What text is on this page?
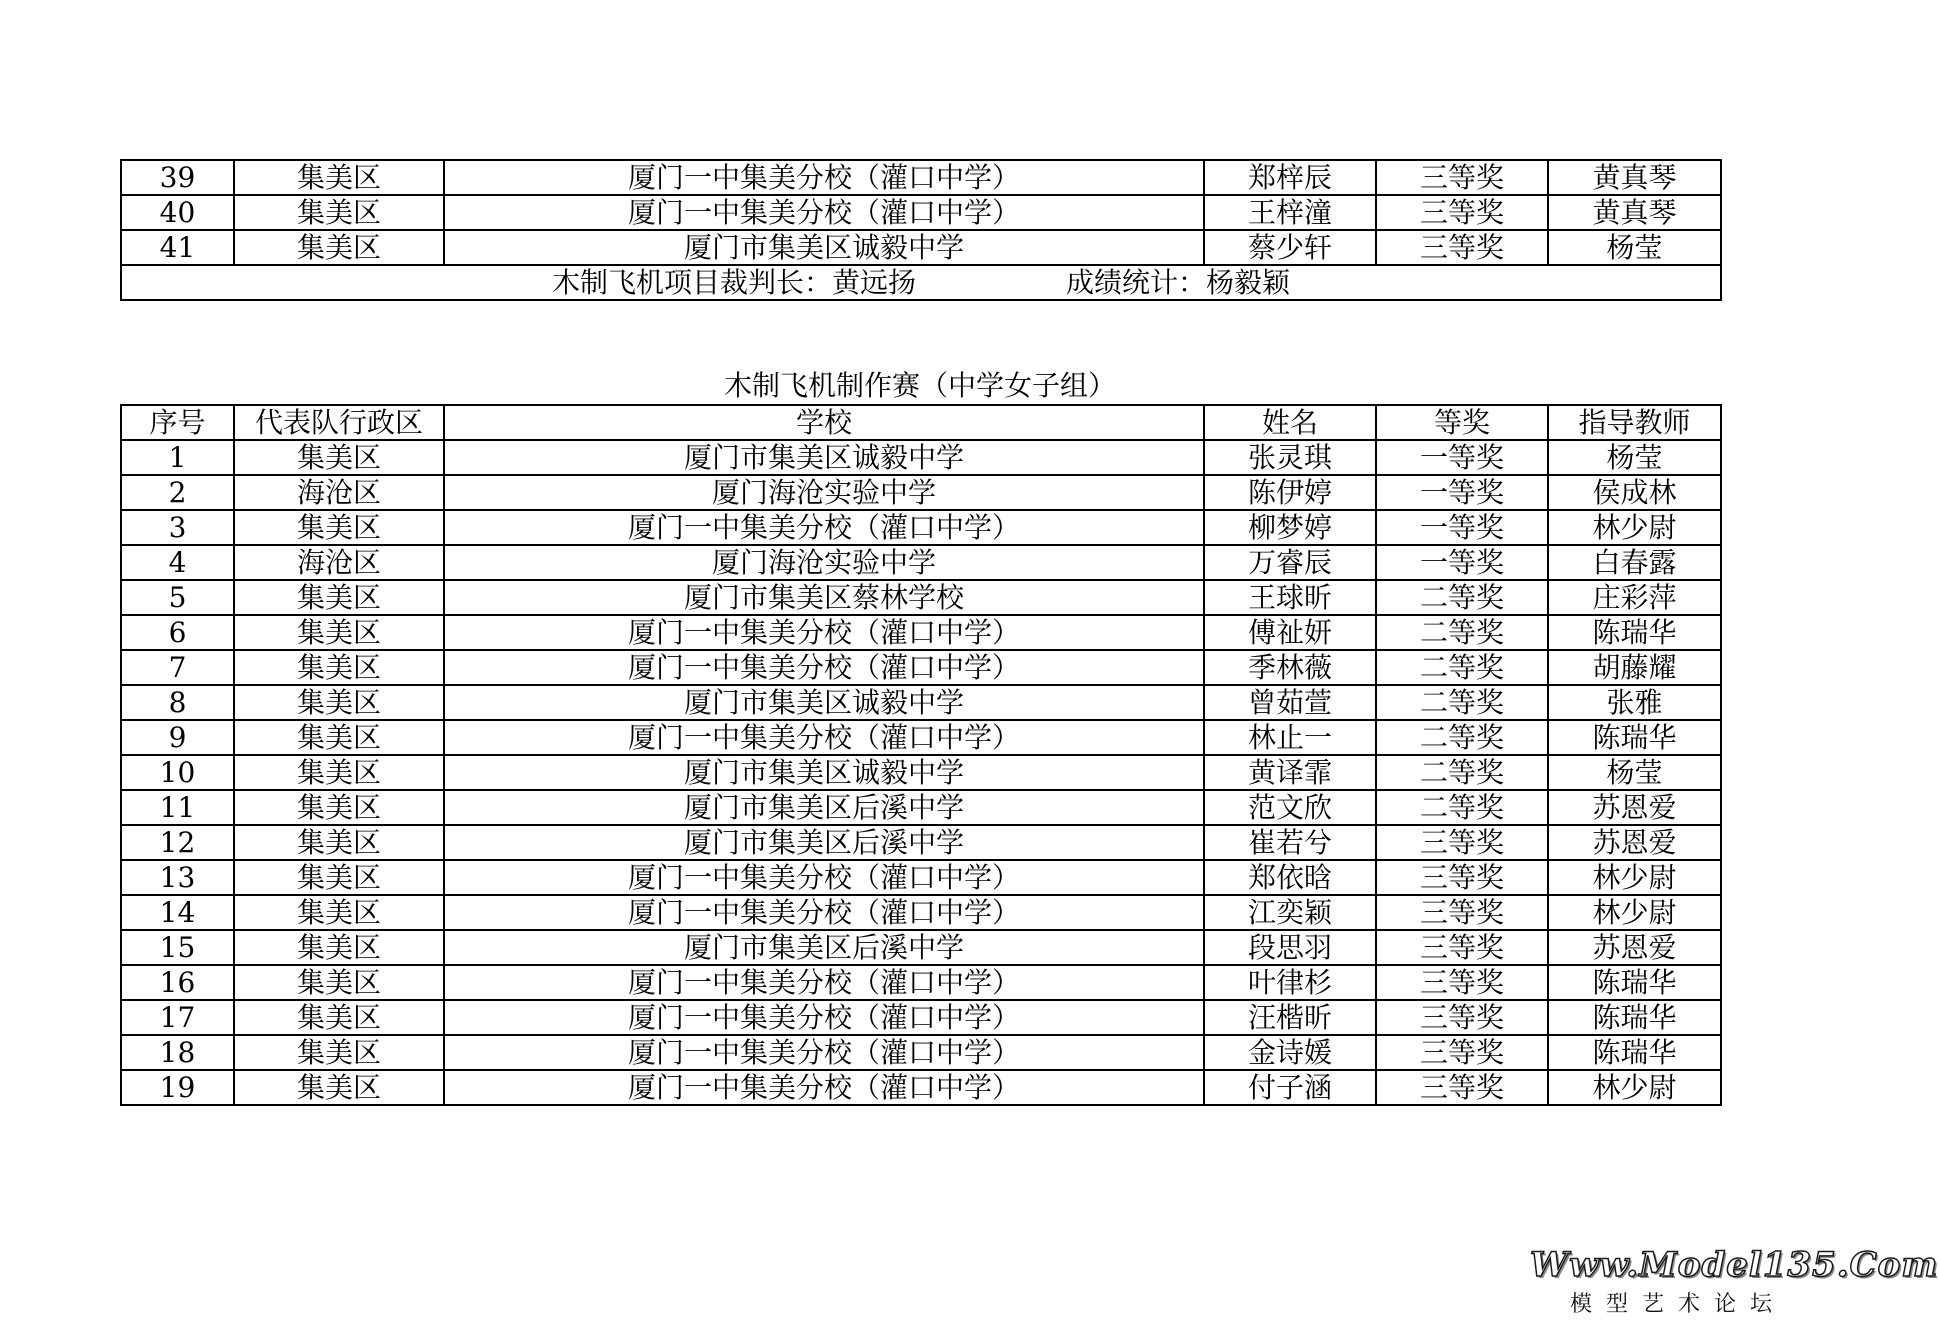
39	集美区	厦门一中集美分校（灌口中学）	郑梓辰	三等奖	黄真琴
40	集美区	厦门一中集美分校（灌口中学）	王梓潼	三等奖	黄真琴
41	集美区	厦门市集美区诚毅中学	蔡少轩	三等奖	杨莹
木制飞机项目裁判长：黄远扬 成绩统计：杨毅颖					
木制飞机制作赛（中学女子组）
序号	代表队行政区	学校	姓名	等奖	指导教师
1	集美区	厦门市集美区诚毅中学	张灵琪	一等奖	杨莹
2	海沧区	厦门海沧实验中学	陈伊婷	一等奖	侯成林
3	集美区	厦门一中集美分校（灌口中学）	柳梦婷	一等奖	林少尉
4	海沧区	厦门海沧实验中学	万睿辰	一等奖	白春露
5	集美区	厦门市集美区蔡林学校	王球昕	二等奖	庄彩萍
6	集美区	厦门一中集美分校（灌口中学）	傅祉妍	二等奖	陈瑞华
7	集美区	厦门一中集美分校（灌口中学）	季林薇	二等奖	胡藤耀
8	集美区	厦门市集美区诚毅中学	曾茹萱	二等奖	张雅
9	集美区	厦门一中集美分校（灌口中学）	林止一	二等奖	陈瑞华
10	集美区	厦门市集美区诚毅中学	黄译霏	二等奖	杨莹
11	集美区	厦门市集美区后溪中学	范文欣	二等奖	苏恩爱
12	集美区	厦门市集美区后溪中学	崔若兮	三等奖	苏恩爱
13	集美区	厦门一中集美分校（灌口中学）	郑依晗	三等奖	林少尉
14	集美区	厦门一中集美分校（灌口中学）	江奕颖	三等奖	林少尉
15	集美区	厦门市集美区后溪中学	段思羽	三等奖	苏恩爱
16	集美区	厦门一中集美分校（灌口中学）	叶律杉	三等奖	陈瑞华
17	集美区	厦门一中集美分校（灌口中学）	汪楷昕	三等奖	陈瑞华
18	集美区	厦门一中集美分校（灌口中学）	金诗媛	三等奖	陈瑞华
19	集美区	厦门一中集美分校（灌口中学）	付子涵	三等奖	林少尉
Www.Model135.Com
模型艺术论坛
